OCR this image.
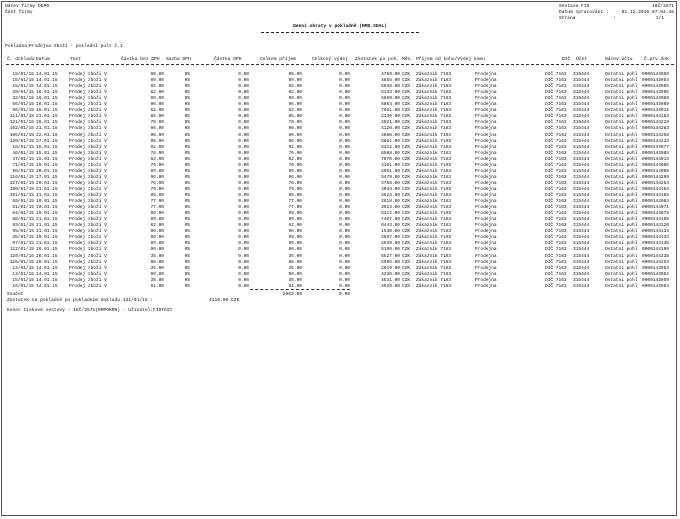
Název firmy DEMO
Část firmy
Sestava FIS	16Č/3571
Datum zpracování :	01.12.2016 07:04:46
Strana	:	1/1
Denní obraty v pokladně (RMD.SDAL)
Pokladna: Prodejna zboží - pokladní pult č.1
Č. dokladu Datum	Text	Částka bez DPH Sazba DPH	Částka DPH	Celkem příjem	Celkový výdej Zůstatek po pok. Měn. Příjem od koho/Výdej komu	DIČ Účet	Název účtu Č.prv.dok.
15/01/15 14.01.15	Prodej zboží V	99.00	0%	0.00	99.00	0.00	4759.00 CZK	Zákazník 7163	Prodejna	DIČ 7163	315444	Ostatní pohl	0000143959
16/01/15 14.01.15	Prodej zboží V	99.00	0%	0.00	99.00	0.00	4858.00 CZK	Zákazník 7163	Prodejna	DIČ 7163	315444	Ostatní pohl	0000143964
18/01/15 14.01.15	Prodej zboží V	92.00	0%	0.00	92.00	0.00	5038.00 CZK	Zákazník 7163	Prodejna	DIČ 7163	315444	Ostatní pohl	0000143965
29/01/15 16.01.15	Prodej zboží V	82.00	0%	0.00	82.00	0.00	5133.00 CZK	Zákazník 7163	Prodejna	DIČ 7163	315444	Ostatní pohl	0000143965
32/01/15 16.01.15	Prodej zboží V	99.00	0%	0.00	99.00	0.00	5669.00 CZK	Zákazník 7163	Prodejna	DIČ 7163	315444	Ostatní pohl	0000143969
56/01/15 16.01.15	Prodej zboží V	96.00	0%	0.00	96.00	0.00	5854.00 CZK	Zákazník 7163	Prodejna	DIČ 7163	315444	Ostatní pohl	0000143989
96/01/15 16.01.15	Prodej zboží V	62.00	0%	0.00	62.00	0.00	7561.00 CZK	Zákazník 7163	Prodejna	DIČ 7163	315444	Ostatní pohl	0000144012
111/01/15 21.01.15	Prodej zboží V	85.00	0%	0.00	85.00	0.00	2330.00 CZK	Zákazník 7163	Prodejna	DIČ 7163	315444	Ostatní pohl	0000144183
121/01/15 26.01.15	Prodej zboží V	70.00	0%	0.00	70.00	0.00	2921.00 CZK	Zákazník 7163	Prodejna	DIČ 7163	315444	Ostatní pohl	0000144229
102/01/15 21.01.15	Prodej zboží V	96.00	0%	0.00	96.00	0.00	4120.00 CZK	Zákazník 7163	Prodejna	DIČ 7163	315444	Ostatní pohl	0000144283
105/01/15 22.01.15	Prodej zboží V	96.00	0%	0.00	96.00	0.00	4886.00 CZK	Zákazník 7163	Prodejna	DIČ 7163	315444	Ostatní pohl	0000144258
120/01/15 27.01.15	Prodej zboží V	96.00	0%	0.00	96.00	0.00	5851.00 CZK	Zákazník 7163	Prodejna	DIČ 7163	315444	Ostatní pohl	0000144233
10/01/15 15.01.15	Prodej zboží V	92.00	0%	0.00	92.00	0.00	6312.00 CZK	Zákazník 7163	Prodejna	DIČ 7163	315444	Ostatní pohl	0000143977
46/01/15 15.01.15	Prodej zboží V	76.00	0%	0.00	76.00	0.00	6588.00 CZK	Zákazník 7163	Prodejna	DIČ 7163	315444	Ostatní pohl	0000143985
47/01/15 15.01.15	Prodej zboží V	62.00	0%	0.00	62.00	0.00	7070.00 CZK	Zákazník 7163	Prodejna	DIČ 7163	315444	Ostatní pohl	0000144013
71/01/15 19.01.15	Prodej zboží V	70.00	0%	0.00	70.00	0.00	4101.00 CZK	Zákazník 7163	Prodejna	DIČ 7163	315444	Ostatní pohl	0000144086
90/01/15 20.01.15	Prodej zboží V	99.00	0%	0.00	99.00	0.00	4961.00 CZK	Zákazník 7163	Prodejna	DIČ 7163	315444	Ostatní pohl	0000144098
116/01/15 27.01.15	Prodej zboží V	96.00	0%	0.00	96.00	0.00	5479.00 CZK	Zákazník 7163	Prodejna	DIČ 7163	315444	Ostatní pohl	0000144209
127/01/15 29.01.15	Prodej zboží V	76.00	0%	0.00	76.00	0.00	5768.00 CZK	Zákazník 7163	Prodejna	DIČ 7163	315444	Ostatní pohl	0000144254
100/01/15 21.01.15	Prodej zboží V	79.00	0%	0.00	79.00	0.00	4034.00 CZK	Zákazník 7163	Prodejna	DIČ 7163	315444	Ostatní pohl	0000144164
101/01/15 21.01.15	Prodej zboží V	85.00	0%	0.00	85.00	0.00	4524.00 CZK	Zákazník 7163	Prodejna	DIČ 7163	315444	Ostatní pohl	0000144168
59/01/15 19.01.15	Prodej zboží V	77.00	0%	0.00	77.00	0.00	2618.00 CZK	Zákazník 7163	Prodejna	DIČ 7163	315444	Ostatní pohl	0000144064
61/01/15 19.01.15	Prodej zboží V	77.00	0%	0.00	77.00	0.00	3513.00 CZK	Zákazník 7163	Prodejna	DIČ 7163	315444	Ostatní pohl	0000144071
64/01/15 19.01.15	Prodej zboží V	99.00	0%	0.00	99.00	0.00	5412.00 CZK	Zákazník 7163	Prodejna	DIČ 7163	315444	Ostatní pohl	0000144076
86/01/15 21.01.15	Prodej zboží V	99.00	0%	0.00	99.00	0.00	7407.00 CZK	Zákazník 7163	Prodejna	DIČ 7163	315444	Ostatní pohl	0000144105
93/01/15 21.01.15	Prodej zboží V	62.00	0%	0.00	62.00	0.00	8443.00 CZK	Zákazník 7163	Prodejna	DIČ 7163	315444	Ostatní pohl	0000144120
95/01/15 21.01.15	Prodej zboží V	96.00	0%	0.00	96.00	0.00	1530.00 CZK	Zákazník 7163	Prodejna	DIČ 7163	315444	Ostatní pohl	0000144133
35/01/15 20.01.15	Prodej zboží V	99.00	0%	0.00	99.00	0.00	2687.00 CZK	Zákazník 7163	Prodejna	DIČ 7163	315444	Ostatní pohl	0000144134
97/01/15 21.01.15	Prodej zboží V	99.00	0%	0.00	99.00	0.00	4039.00 CZK	Zákazník 7163	Prodejna	DIČ 7163	315444	Ostatní pohl	0000144136
112/01/15 26.01.15	Prodej zboží V	96.00	0%	0.00	96.00	0.00	5199.00 CZK	Zákazník 7163	Prodejna	DIČ 7163	315444	Ostatní pohl	0000144196
120/01/15 26.01.15	Prodej zboží V	35.00	0%	0.00	35.00	0.00	5527.00 CZK	Zákazník 7163	Prodejna	DIČ 7163	315444	Ostatní pohl	0000144238
126/01/15 28.01.15	Prodej zboží V	86.00	0%	0.00	86.00	0.00	5985.00 CZK	Zákazník 7163	Prodejna	DIČ 7163	315444	Ostatní pohl	0000144253
14/01/15 14.01.15	Prodej zboží V	35.00	0%	0.00	35.00	0.00	2919.00 CZK	Zákazník 7163	Prodejna	DIČ 7163	315444	Ostatní pohl	0000143953
13/01/15 14.01.15	Prodej zboží V	99.00	0%	0.00	99.00	0.00	4236.00 CZK	Zákazník 7163	Prodejna	DIČ 7163	315444	Ostatní pohl	0000143952
15/01/15 14.01.15	Prodej zboží V	35.00	0%	0.00	35.00	0.00	4531.00 CZK	Zákazník 7163	Prodejna	DIČ 7163	315444	Ostatní pohl	0000143959
16/01/15 14.01.15	Prodej zboží V	61.00	0%	0.00	61.00	0.00	4920.00 CZK	Zákazník 7163	Prodejna	DIČ 7163	315444	Ostatní pohl	0000143964
Součet	2963.00	0.00
Zůstatek na pokladně po pokladním dokladu 131/01/15 :	4110.00 CZK
Konec tiskové sestavy : 16Č/3571(RMPOKRN) - Uživatel:FISTEST
